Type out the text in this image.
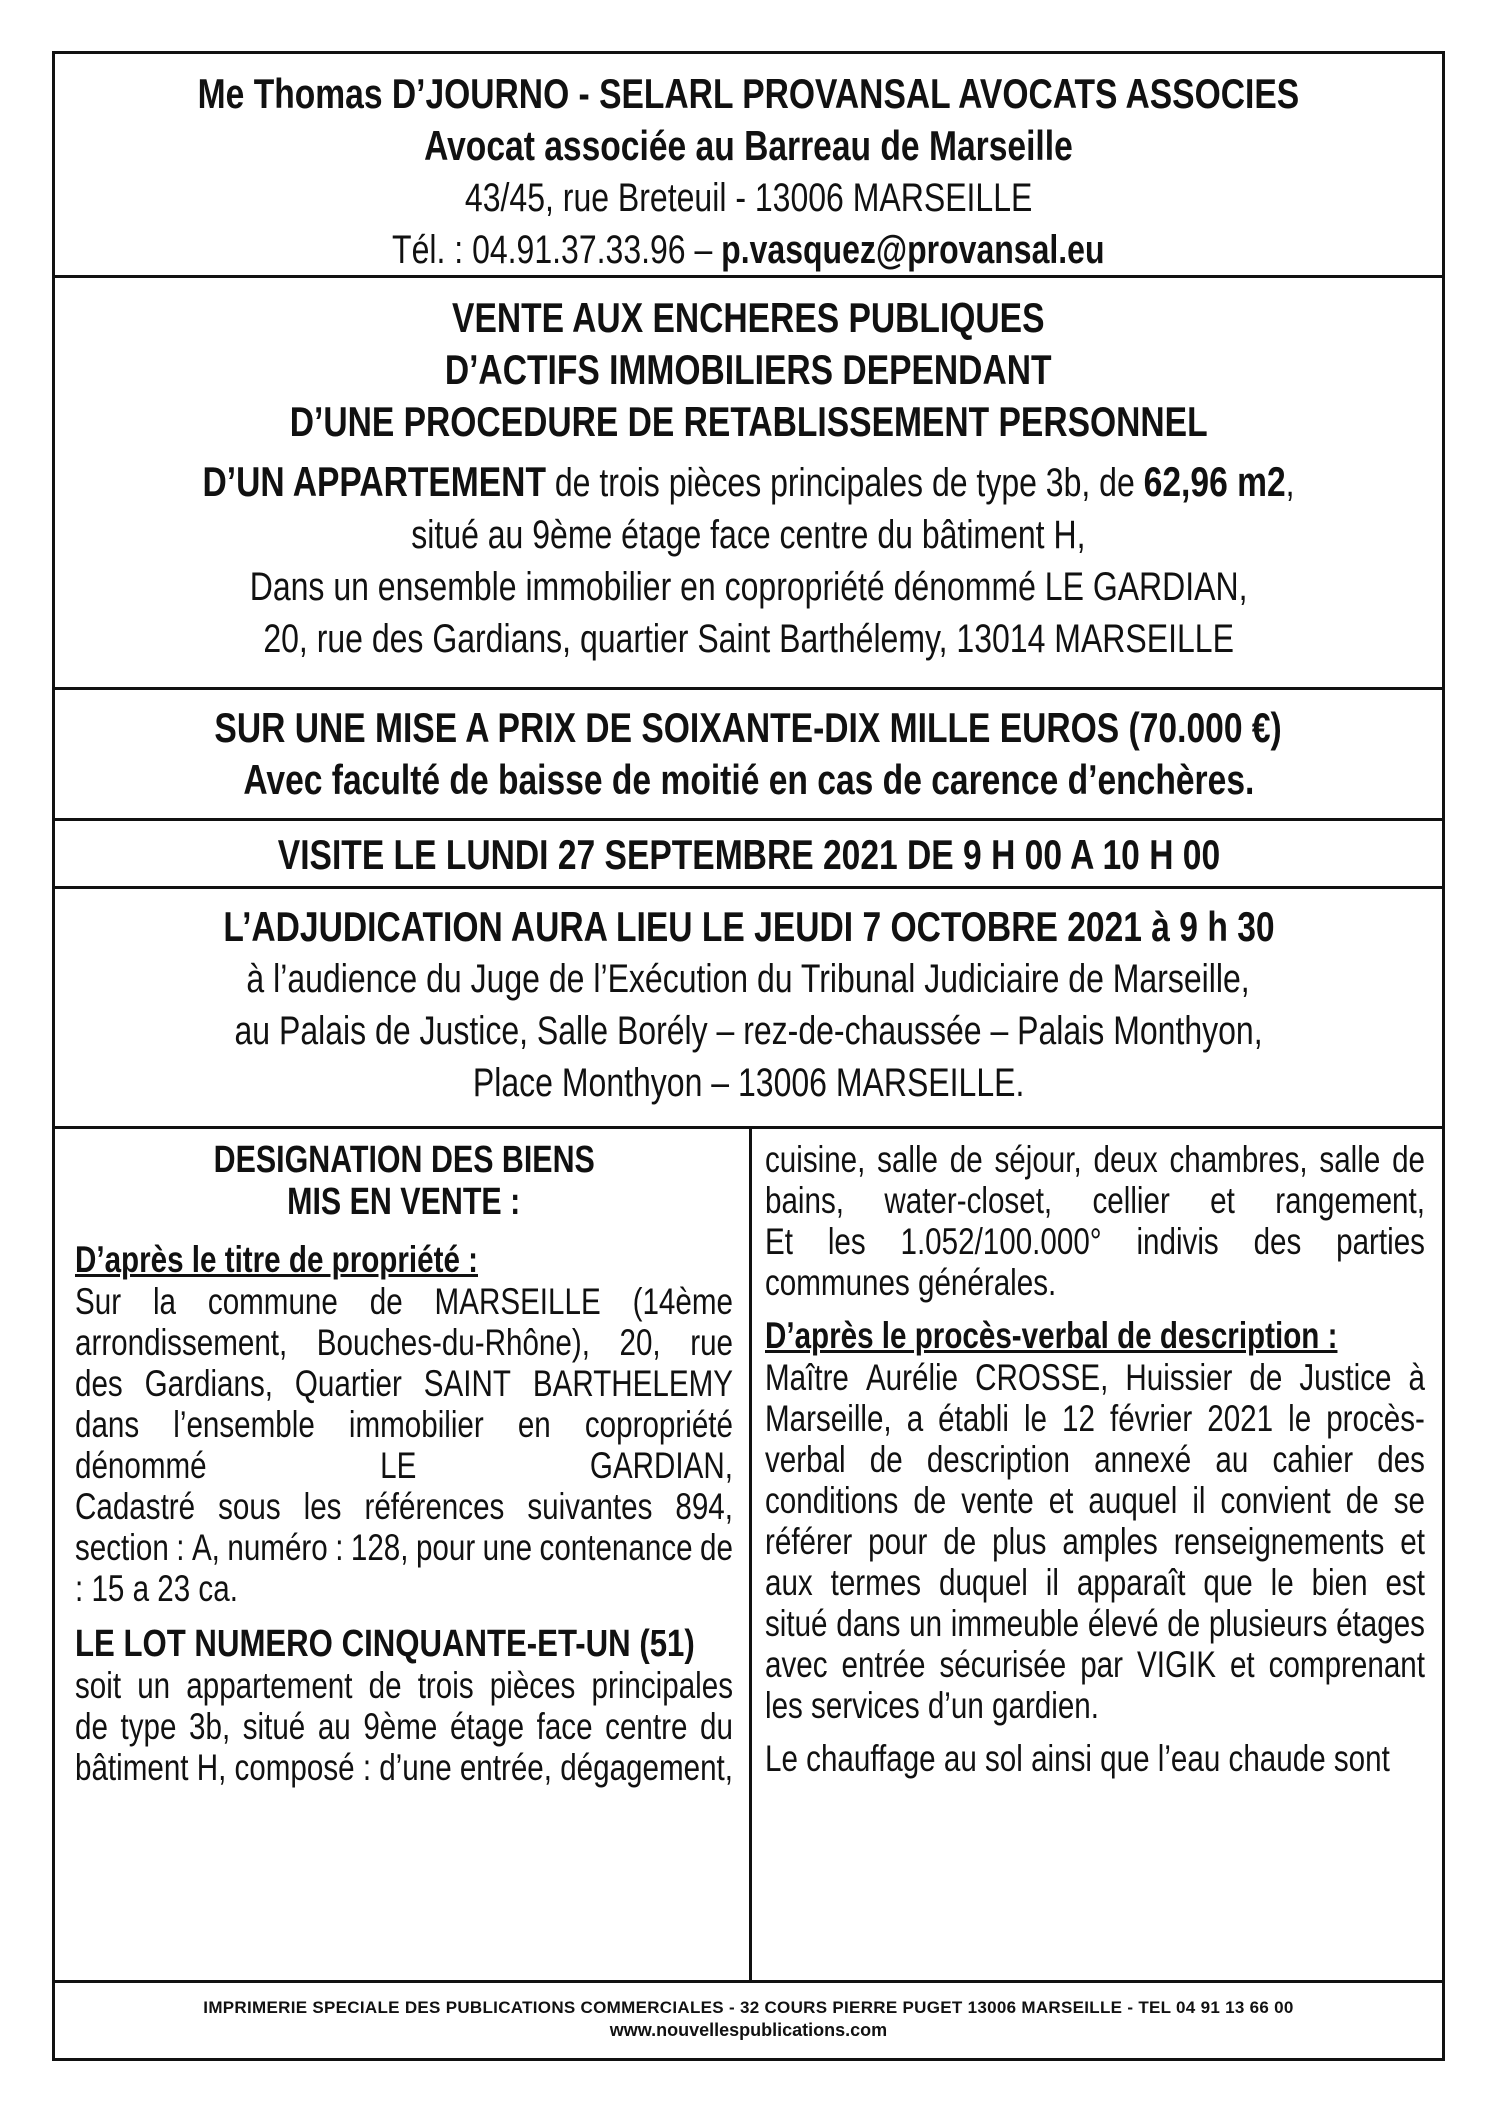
Me Thomas D’JOURNO - SELARL PROVANSAL AVOCATS ASSOCIES
Avocat associée au Barreau de Marseille
43/45, rue Breteuil - 13006 MARSEILLE
Tél. : 04.91.37.33.96 – p.vasquez@provansal.eu
VENTE AUX ENCHERES PUBLIQUES
D’ACTIFS IMMOBILIERS DEPENDANT
D’UNE PROCEDURE DE RETABLISSEMENT PERSONNEL
D’UN APPARTEMENT de trois pièces principales de type 3b, de 62,96 m2,
situé au 9ème étage face centre du bâtiment H,
Dans un ensemble immobilier en copropriété dénommé LE GARDIAN,
20, rue des Gardians, quartier Saint Barthélemy, 13014 MARSEILLE
SUR UNE MISE A PRIX DE SOIXANTE-DIX MILLE EUROS (70.000 €)
Avec faculté de baisse de moitié en cas de carence d’enchères.
VISITE LE LUNDI 27 SEPTEMBRE 2021 DE 9 H 00 A 10 H 00
L’ADJUDICATION AURA LIEU LE JEUDI 7 OCTOBRE 2021 à 9 h 30
à l’audience du Juge de l’Exécution du Tribunal Judiciaire de Marseille,
au Palais de Justice, Salle Borély – rez-de-chaussée – Palais Monthyon,
Place Monthyon – 13006 MARSEILLE.
DESIGNATION DES BIENS
MIS EN VENTE :
D’après le titre de propriété :
Sur la commune de MARSEILLE (14ème
arrondissement, Bouches-du-Rhône), 20, rue
des Gardians, Quartier SAINT BARTHELEMY
dans l’ensemble immobilier en copropriété
dénommé	LE	GARDIAN,
Cadastré sous les références suivantes 894,
section : A, numéro : 128, pour une contenance de
: 15 a 23 ca.
LE LOT NUMERO CINQUANTE-ET-UN (51)
soit un appartement de trois pièces principales
de type 3b, situé au 9ème étage face centre du
bâtiment H, composé : d’une entrée, dégagement,
cuisine, salle de séjour, deux chambres, salle de
bains, water-closet, cellier et rangement,
Et les 1.052/100.000° indivis des parties
communes générales.
D’après le procès-verbal de description :
Maître Aurélie CROSSE, Huissier de Justice à
Marseille, a établi le 12 février 2021 le procès-
verbal de description annexé au cahier des
conditions de vente et auquel il convient de se
référer pour de plus amples renseignements et
aux termes duquel il apparaît que le bien est
situé dans un immeuble élevé de plusieurs étages
avec entrée sécurisée par VIGIK et comprenant
les services d’un gardien.
Le chauffage au sol ainsi que l’eau chaude sont
IMPRIMERIE SPECIALE DES PUBLICATIONS COMMERCIALES - 32 COURS PIERRE PUGET 13006 MARSEILLE - TEL 04 91 13 66 00
www.nouvellespublications.com
